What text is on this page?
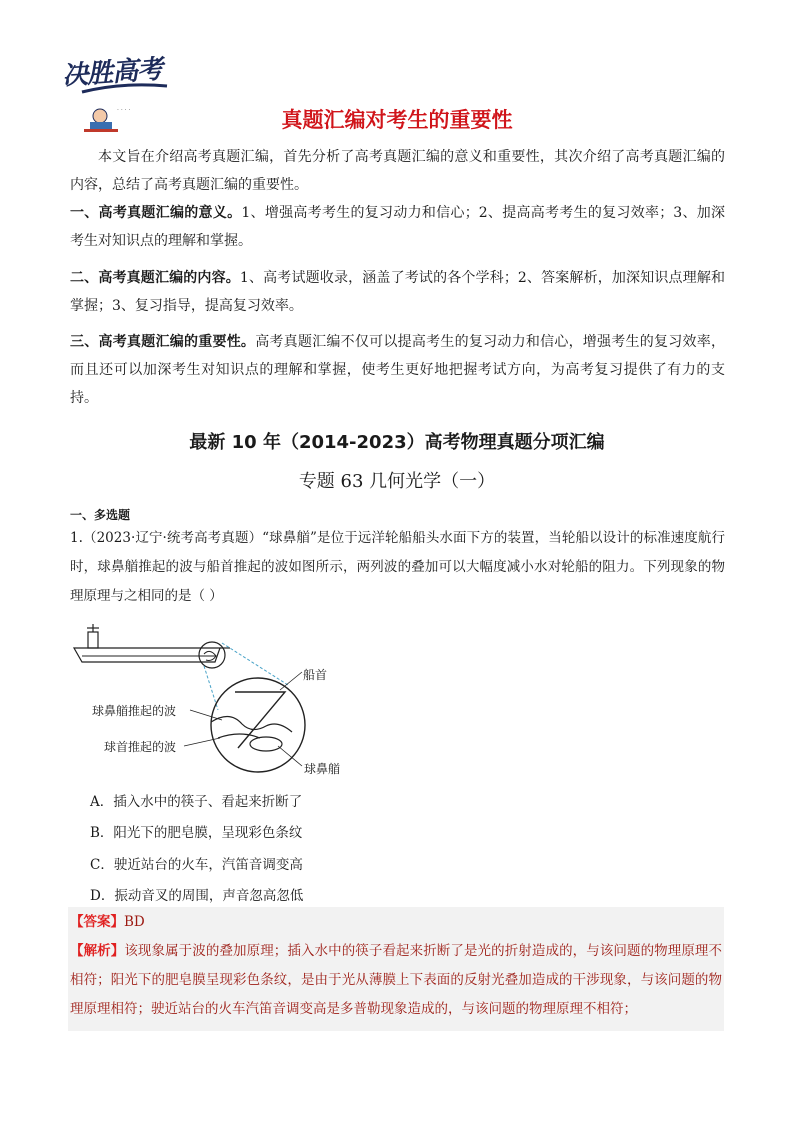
决胜高考
· · · ·	真题汇编对考生的重要性
本文旨在介绍高考真题汇编，首先分析了高考真题汇编的意义和重要性，其次介绍了高考真题汇编的内容，总结了高考真题汇编的重要性。
一、高考真题汇编的意义。1、增强高考考生的复习动力和信心；2、提高高考考生的复习效率；3、加深考生对知识点的理解和掌握。
二、高考真题汇编的内容。1、高考试题收录，涵盖了考试的各个学科；2、答案解析，加深知识点理解和掌握；3、复习指导，提高复习效率。
三、高考真题汇编的重要性。高考真题汇编不仅可以提高考生的复习动力和信心，增强考生的复习效率，而且还可以加深考生对知识点的理解和掌握，使考生更好地把握考试方向，为高考复习提供了有力的支持。
最新 10 年（2014-2023）高考物理真题分项汇编
专题 63 几何光学（一）
一、多选题
1.（2023·辽宁·统考高考真题）“球鼻艏”是位于远洋轮船船头水面下方的装置，当轮船以设计的标准速度航行时，球鼻艏推起的波与船首推起的波如图所示，两列波的叠加可以大幅度减小水对轮船的阻力。下列现象的物理原理与之相同的是（ ）
船首
球鼻艏推起的波
球首推起的波
球鼻艏
A．插入水中的筷子、看起来折断了
B．阳光下的肥皂膜，呈现彩色条纹
C．驶近站台的火车，汽笛音调变高
D．振动音叉的周围，声音忽高忽低
【答案】BD
【解析】该现象属于波的叠加原理；插入水中的筷子看起来折断了是光的折射造成的，与该问题的物理原理不相符；阳光下的肥皂膜呈现彩色条纹，是由于光从薄膜上下表面的反射光叠加造成的干涉现象，与该问题的物理原理相符；驶近站台的火车汽笛音调变高是多普勒现象造成的，与该问题的物理原理不相符；
